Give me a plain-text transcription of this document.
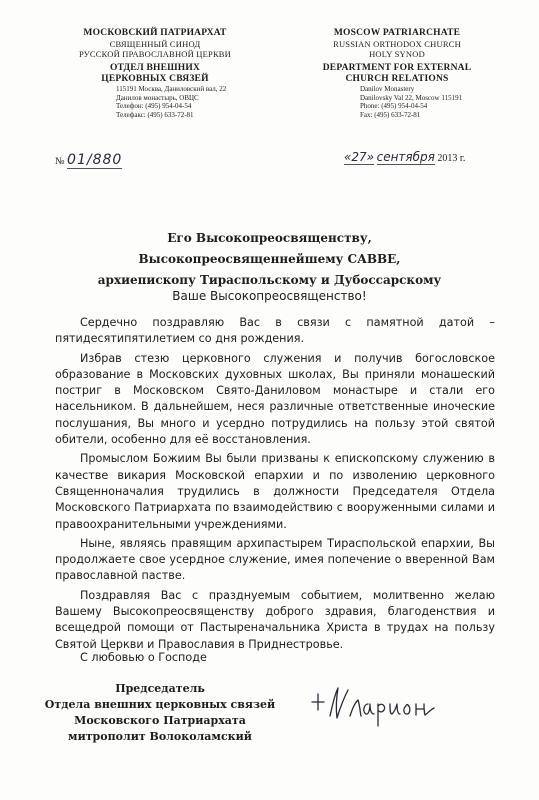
МОСКОВСКИЙ ПАТРИАРХАТ
СВЯЩЕННЫЙ СИНОД
РУССКОЙ ПРАВОСЛАВНОЙ ЦЕРКВИ
ОТДЕЛ ВНЕШНИХ
ЦЕРКОВНЫХ СВЯЗЕЙ
115191 Москва, Даниловский вал, 22
Данилов монастырь, ОВЦС
Телефон: (495) 954-04-54
Телефакс: (495) 633-72-81
MOSCOW PATRIARCHATE
RUSSIAN ORTHODOX CHURCH
HOLY SYNOD
DEPARTMENT FOR EXTERNAL
CHURCH RELATIONS
Danilov Monastery
Danilovsky Val 22, Moscow 115191
Phone: (495) 954-04-54
Fax: (495) 633-72-81
№ 01/880	«27» сентября 2013 г.
Его Высокопреосвященству,
Высокопреосвященнейшему САВВЕ,
архиепископу Тираспольскому и Дубоссарскому
Ваше Высокопреосвященство!

Сердечно поздравляю Вас в связи с памятной датой – пятидесятипятилетием со дня рождения.

Избрав стезю церковного служения и получив богословское образование в Московских духовных школах, Вы приняли монашеский постриг в Московском Свято-Даниловом монастыре и стали его насельником. В дальнейшем, неся различные ответственные иноческие послушания, Вы много и усердно потрудились на пользу этой святой обители, особенно для её восстановления.

Промыслом Божиим Вы были призваны к епископскому служению в качестве викария Московской епархии и по изволению церковного Священноначалия трудились в должности Председателя Отдела Московского Патриархата по взаимодействию с вооруженными силами и правоохранительными учреждениями.

Ныне, являясь правящим архипастырем Тираспольской епархии, Вы продолжаете свое усердное служение, имея попечение о вверенной Вам православной пастве.

Поздравляя Вас с празднуемым событием, молитвенно желаю Вашему Высокопреосвященству доброго здравия, благоденствия и всещедрой помощи от Пастыреначальника Христа в трудах на пользу Святой Церкви и Православия в Приднестровье.

С любовью о Господе
Председатель
Отдела внешних церковных связей
Московского Патриархата
митрополит Волоколамский
